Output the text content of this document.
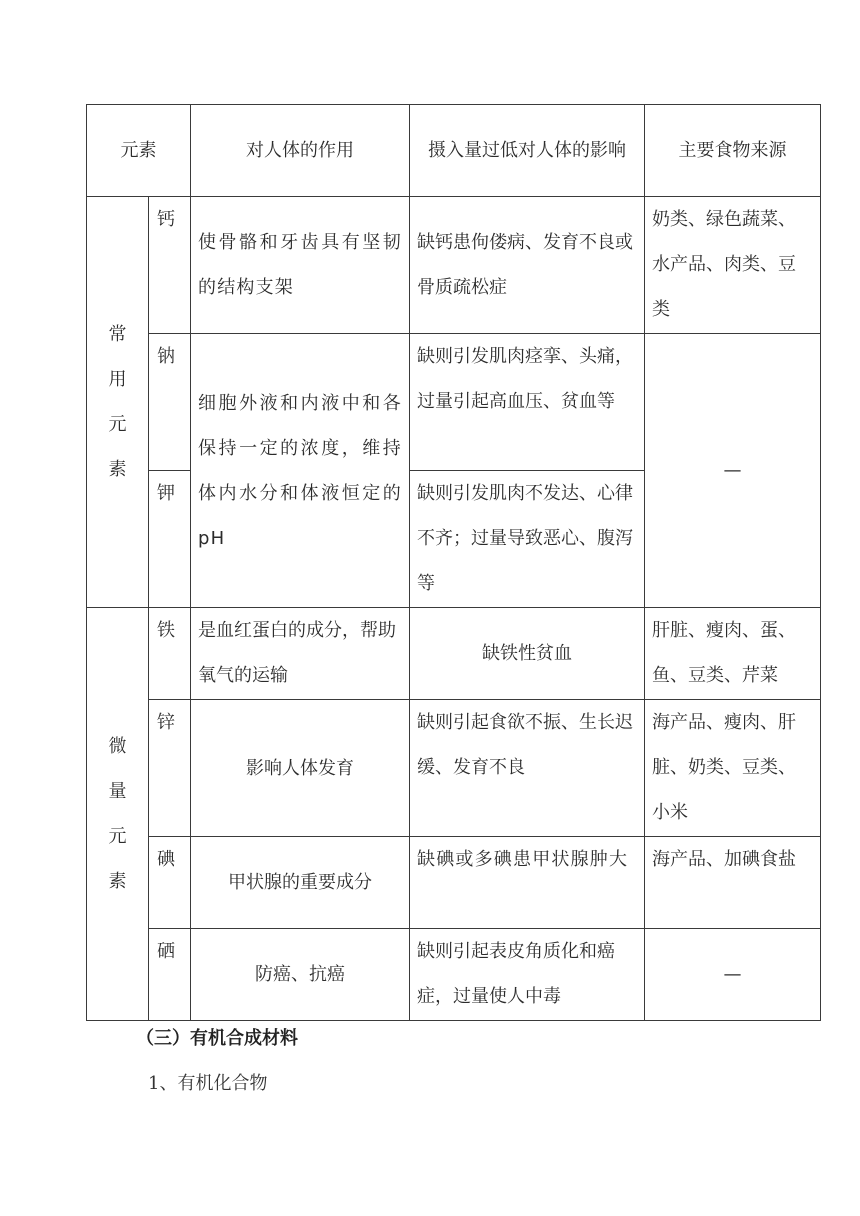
元素		对人体的作用	摄入量过低对人体的影响	主要食物来源

常用元素	钙	使骨骼和牙齿具有坚韧的结构支架	缺钙患佝偻病、发育不良或骨质疏松症	奶类、绿色蔬菜、水产品、肉类、豆类
	钠	细胞外液和内液中和各保持一定的浓度，维持体内水分和体液恒定的 pH	缺则引发肌肉痉挛、头痛，过量引起高血压、贫血等	—
	钾		缺则引发肌肉不发达、心律不齐；过量导致恶心、腹泻等	

微量元素	铁	是血红蛋白的成分，帮助氧气的运输	缺铁性贫血	肝脏、瘦肉、蛋、鱼、豆类、芹菜
	锌	影响人体发育	缺则引起食欲不振、生长迟缓、发育不良	海产品、瘦肉、肝脏、奶类、豆类、小米
	碘	甲状腺的重要成分	缺碘或多碘患甲状腺肿大	海产品、加碘食盐
	硒	防癌、抗癌	缺则引起表皮角质化和癌症，过量使人中毒	—
（三）有机合成材料
1、有机化合物
